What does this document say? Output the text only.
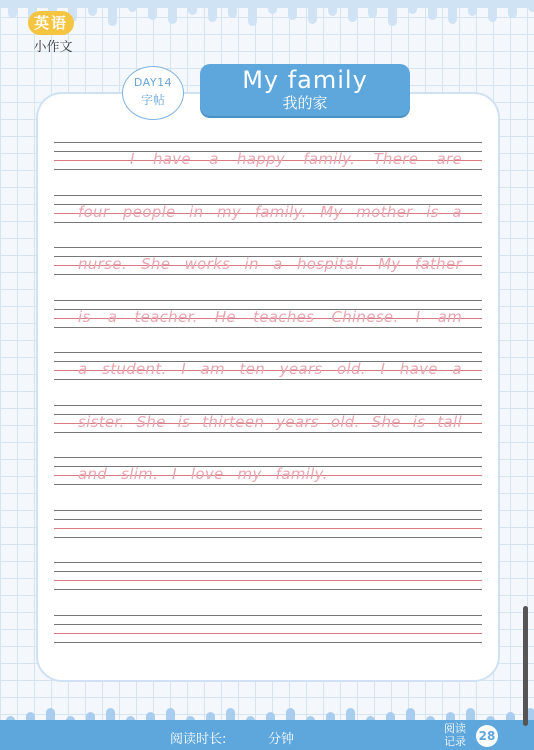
英语
小作文
DAY14
字帖
My family
我的家
I have a happy family. There are
four people in my family. My mother is a
nurse. She works in a hospital. My father
is a teacher. He teaches Chinese. I am
a student. I am ten years old. I have a
sister. She is thirteen years old. She is tall
and slim. I love my family.
阅读时长:	分钟
阅读记录 28
